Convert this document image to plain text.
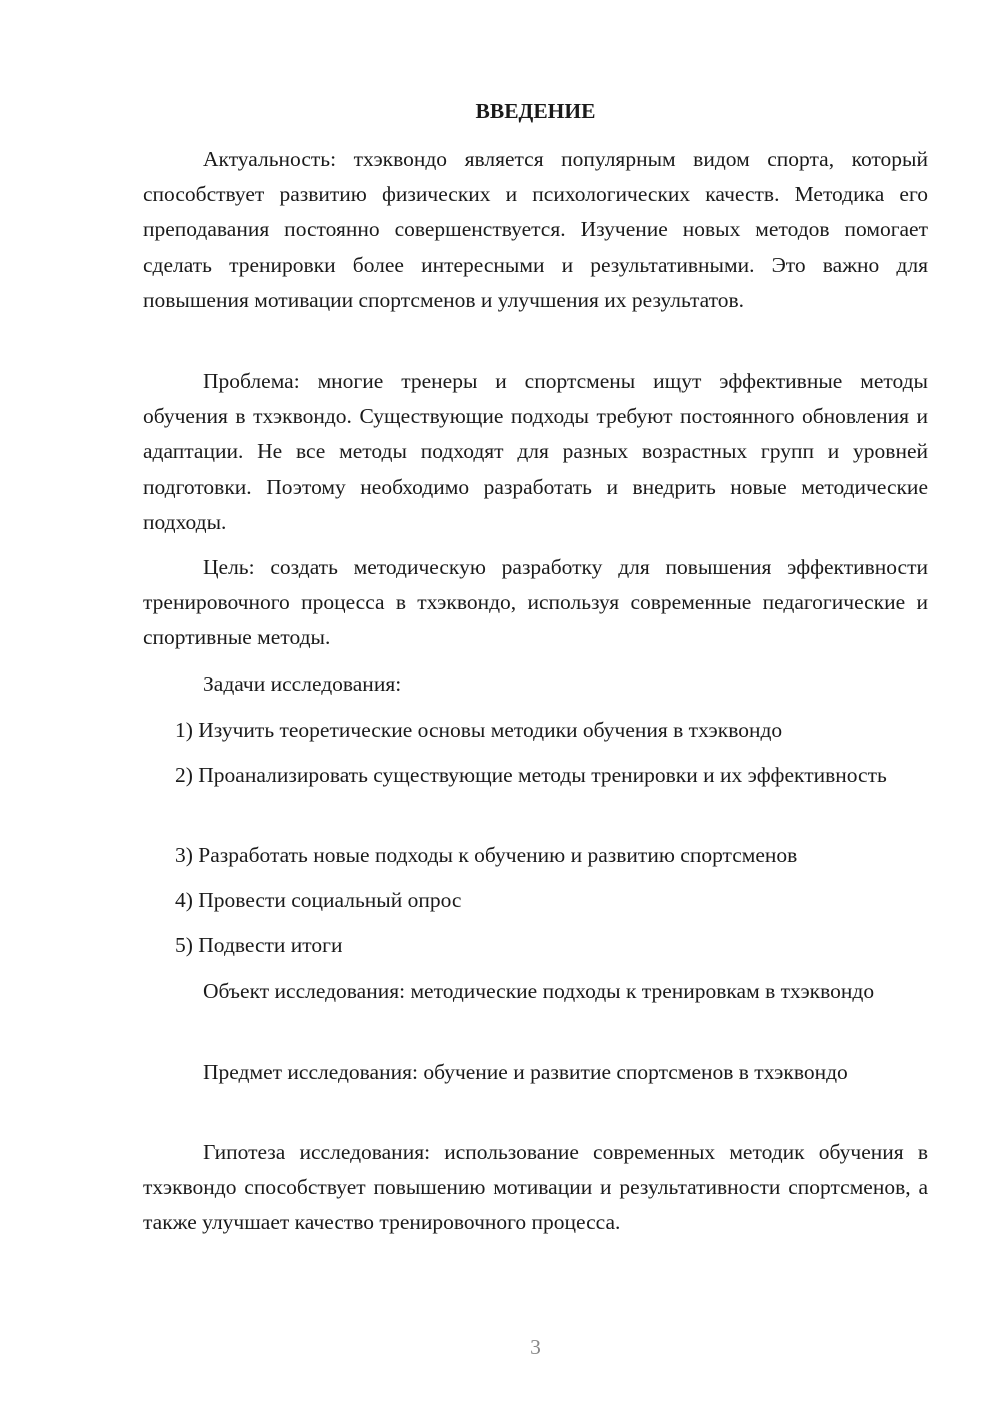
ВВЕДЕНИЕ

Актуальность: тхэквондо является популярным видом спорта, который способствует развитию физических и психологических качеств. Методика его преподавания постоянно совершенствуется. Изучение новых методов помогает сделать тренировки более интересными и результативными. Это важно для повышения мотивации спортсменов и улучшения их результатов.

Проблема: многие тренеры и спортсмены ищут эффективные методы обучения в тхэквондо. Существующие подходы требуют постоянного обновления и адаптации. Не все методы подходят для разных возрастных групп и уровней подготовки. Поэтому необходимо разработать и внедрить новые методические подходы.

Цель: создать методическую разработку для повышения эффективности тренировочного процесса в тхэквондо, используя современные педагогические и спортивные методы.

Задачи исследования:

1) Изучить теоретические основы методики обучения в тхэквондо

2) Проанализировать существующие методы тренировки и их эффективность

3) Разработать новые подходы к обучению и развитию спортсменов

4) Провести социальный опрос

5) Подвести итоги

Объект исследования: методические подходы к тренировкам в тхэквондо

Предмет исследования: обучение и развитие спортсменов в тхэквондо

Гипотеза исследования: использование современных методик обучения в тхэквондо способствует повышению мотивации и результативности спортсменов, а также улучшает качество тренировочного процесса.

3
